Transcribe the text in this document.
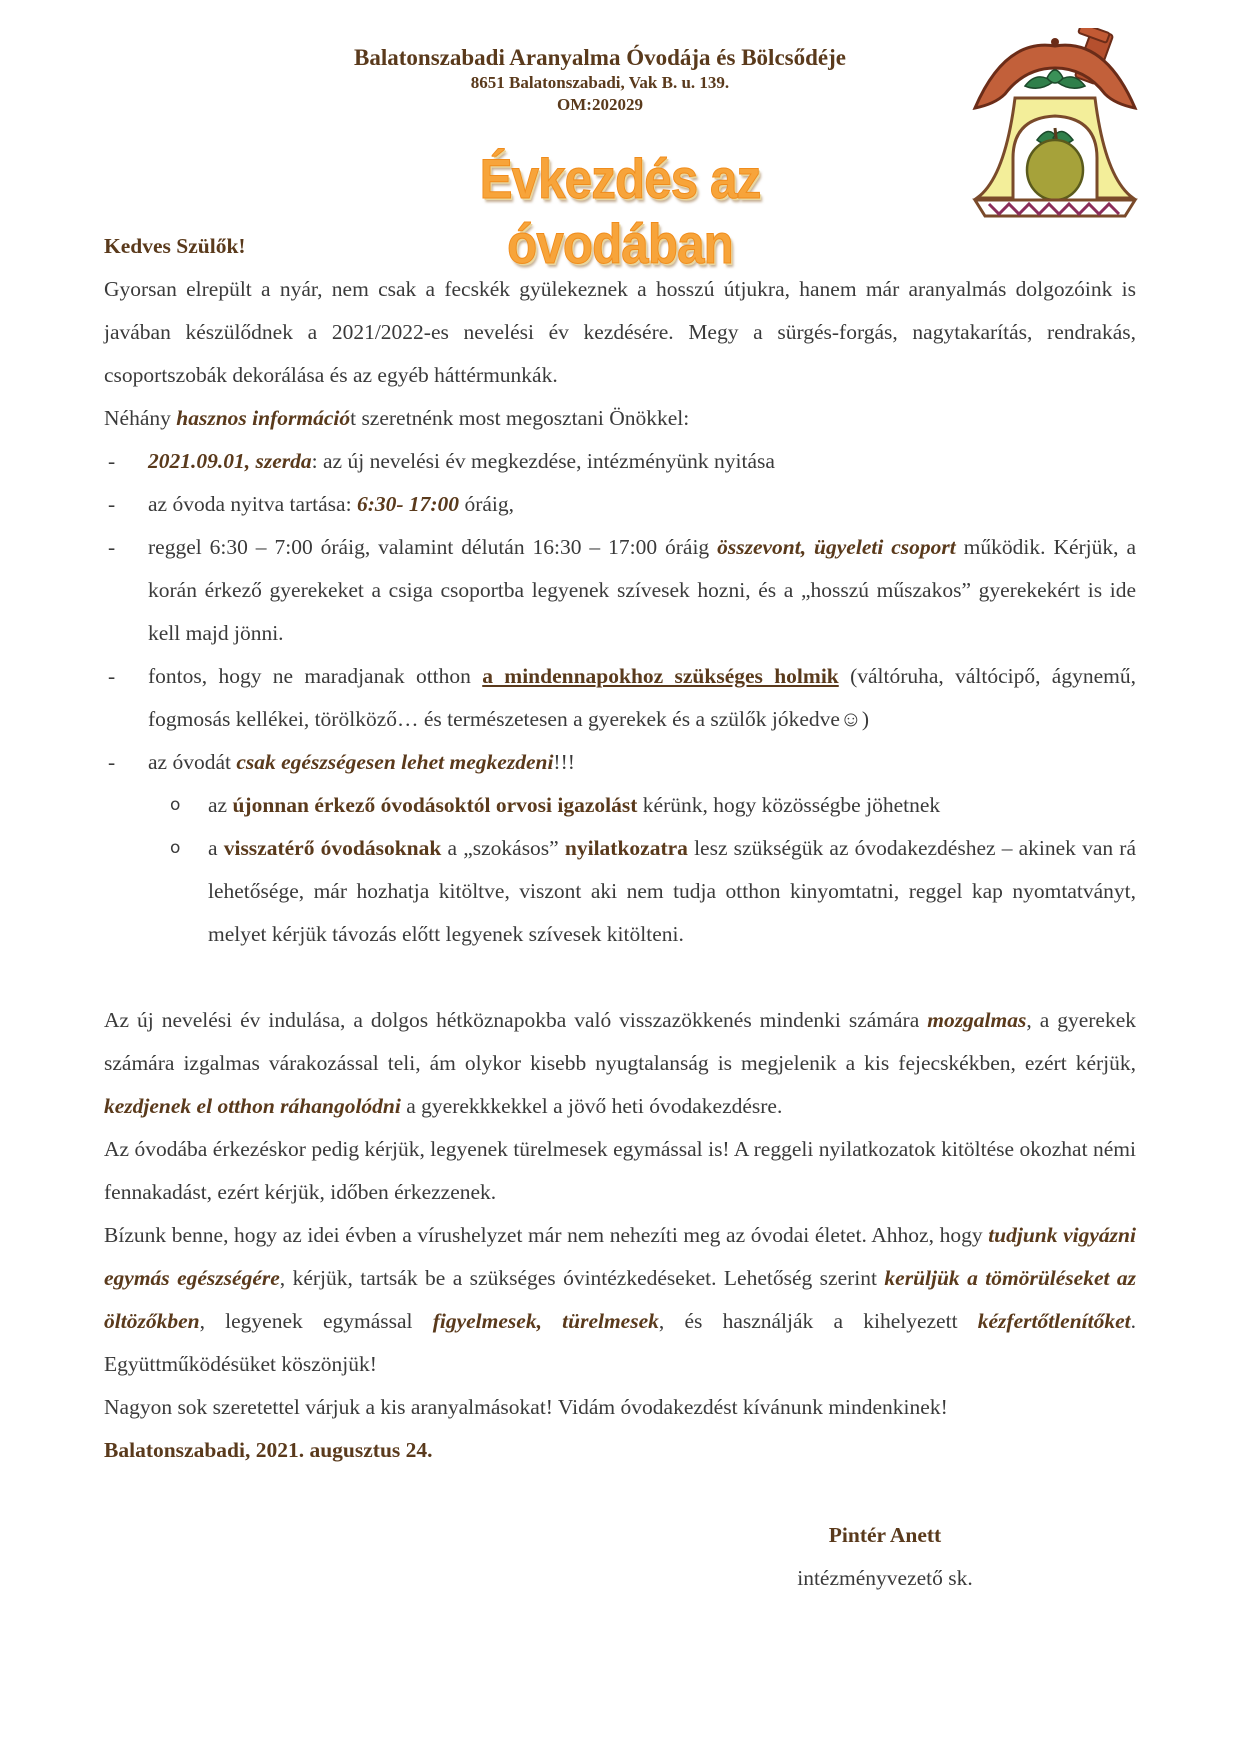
Balatonszabadi Aranyalma Óvodája és Bölcsődéje
8651 Balatonszabadi, Vak B. u. 139.
OM:202029
Évkezdés az óvodában

Kedves Szülők!

Gyorsan elrepült a nyár, nem csak a fecskék gyülekeznek a hosszú útjukra, hanem már aranyalmás dolgozóink is javában készülődnek a 2021/2022-es nevelési év kezdésére. Megy a sürgés-forgás, nagytakarítás, rendrakás, csoportszobák dekorálása és az egyéb háttérmunkák.

Néhány hasznos információt szeretnénk most megosztani Önökkel:

- 2021.09.01, szerda: az új nevelési év megkezdése, intézményünk nyitása
- az óvoda nyitva tartása: 6:30- 17:00 óráig,
- reggel 6:30 – 7:00 óráig, valamint délután 16:30 – 17:00 óráig összevont, ügyeleti csoport működik. Kérjük, a korán érkező gyerekeket a csiga csoportba legyenek szívesek hozni, és a „hosszú műszakos” gyerekekért is ide kell majd jönni.
- fontos, hogy ne maradjanak otthon a mindennapokhoz szükséges holmik (váltóruha, váltócipő, ágynemű, fogmosás kellékei, törölköző… és természetesen a gyerekek és a szülők jókedve☺)
- az óvodát csak egészségesen lehet megkezdeni!!!
o az újonnan érkező óvodásoktól orvosi igazolást kérünk, hogy közösségbe jöhetnek
o a visszatérő óvodásoknak a „szokásos” nyilatkozatra lesz szükségük az óvodakezdéshez – akinek van rá lehetősége, már hozhatja kitöltve, viszont aki nem tudja otthon kinyomtatni, reggel kap nyomtatványt, melyet kérjük távozás előtt legyenek szívesek kitölteni.

Az új nevelési év indulása, a dolgos hétköznapokba való visszazökkenés mindenki számára mozgalmas, a gyerekek számára izgalmas várakozással teli, ám olykor kisebb nyugtalanság is megjelenik a kis fejecskékben, ezért kérjük, kezdjenek el otthon ráhangolódni a gyerekkkekkel a jövő heti óvodakezdésre.

Az óvodába érkezéskor pedig kérjük, legyenek türelmesek egymással is! A reggeli nyilatkozatok kitöltése okozhat némi fennakadást, ezért kérjük, időben érkezzenek.

Bízunk benne, hogy az idei évben a vírushelyzet már nem nehezíti meg az óvodai életet. Ahhoz, hogy tudjunk vigyázni egymás egészségére, kérjük, tartsák be a szükséges óvintézkedéseket. Lehetőség szerint kerüljük a tömörüléseket az öltözőkben, legyenek egymással figyelmesek, türelmesek, és használják a kihelyezett kézfertőtlenítőket. Együttműködésüket köszönjük!

Nagyon sok szeretettel várjuk a kis aranyalmásokat! Vidám óvodakezdést kívánunk mindenkinek!

Balatonszabadi, 2021. augusztus 24.

Pintér Anett
intézményvezető sk.
